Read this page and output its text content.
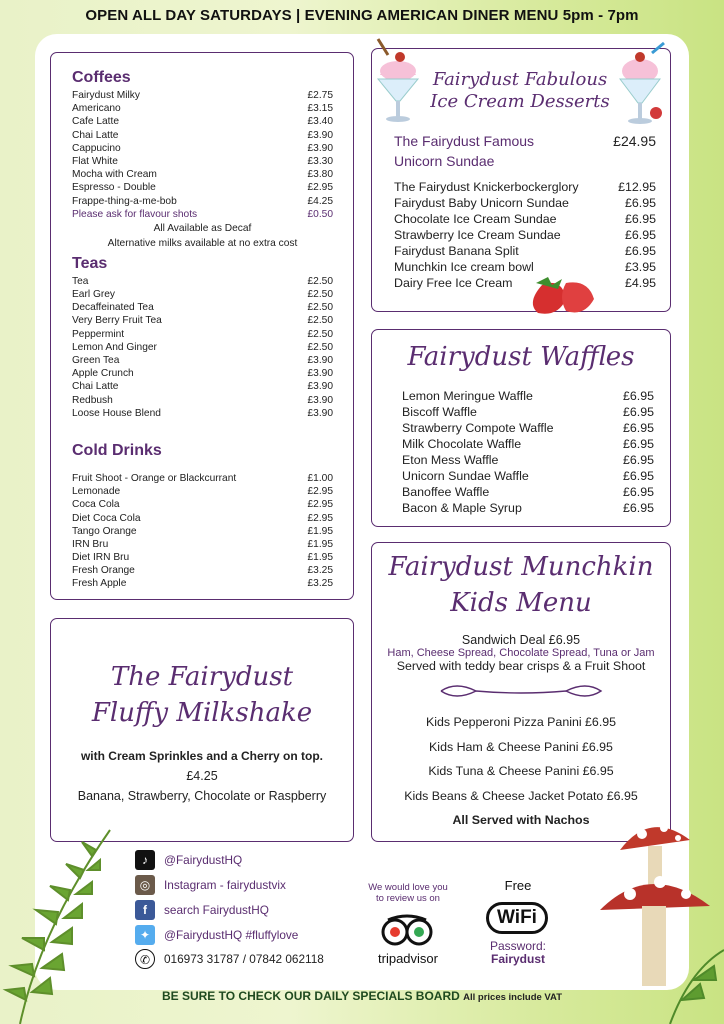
OPEN ALL DAY SATURDAYS | EVENING AMERICAN DINER MENU 5pm - 7pm
Coffees
Fairydust Milky	£2.75
Americano	£3.15
Cafe Latte	£3.40
Chai Latte	£3.90
Cappucino	£3.90
Flat White	£3.30
Mocha with Cream	£3.80
Espresso - Double	£2.95
Frappe-thing-a-me-bob	£4.25
Please ask for flavour shots	£0.50
All Available as Decaf
Alternative milks available at no extra cost
Teas
Tea	£2.50
Earl Grey	£2.50
Decaffeinated Tea	£2.50
Very Berry Fruit Tea	£2.50
Peppermint	£2.50
Lemon And Ginger	£2.50
Green Tea	£3.90
Apple Crunch	£3.90
Chai Latte	£3.90
Redbush	£3.90
Loose House Blend	£3.90
Cold Drinks
Fruit Shoot - Orange or Blackcurrant	£1.00
Lemonade	£2.95
Coca Cola	£2.95
Diet Coca Cola	£2.95
Tango Orange	£1.95
IRN Bru	£1.95
Diet IRN Bru	£1.95
Fresh Orange	£3.25
Fresh Apple	£3.25
The Fairydust
Fluffy Milkshake
with Cream Sprinkles and a Cherry on top.
£4.25
Banana, Strawberry, Chocolate or Raspberry
Fairydust Fabulous
Ice Cream Desserts
The Fairydust Famous	£24.95
Unicorn Sundae
The Fairydust Knickerbockerglory	£12.95
Fairydust Baby Unicorn Sundae	£6.95
Chocolate Ice Cream Sundae	£6.95
Strawberry Ice Cream Sundae	£6.95
Fairydust Banana Split	£6.95
Munchkin Ice cream bowl	£3.95
Dairy Free Ice Cream	£4.95
Fairydust Waffles
Lemon Meringue Waffle	£6.95
Biscoff Waffle	£6.95
Strawberry Compote Waffle	£6.95
Milk Chocolate Waffle	£6.95
Eton Mess Waffle	£6.95
Unicorn Sundae Waffle	£6.95
Banoffee Waffle	£6.95
Bacon & Maple Syrup	£6.95
Fairydust Munchkin
Kids Menu
Sandwich Deal £6.95
Ham, Cheese Spread, Chocolate Spread, Tuna or Jam
Served with teddy bear crisps & a Fruit Shoot
Kids Pepperoni Pizza Panini £6.95
Kids Ham & Cheese Panini £6.95
Kids Tuna & Cheese Panini £6.95
Kids Beans & Cheese Jacket Potato £6.95
All Served with Nachos
♪	@FairydustHQ
◎	Instagram - fairydustvix
f	search FairydustHQ
✦	@FairydustHQ #fluffylove
✆	016973 31787 / 07842 062118
We would love you
to review us on
tripadvisor
Free
WiFi
Password:
Fairydust
BE SURE TO CHECK OUR DAILY SPECIALS BOARD All prices include VAT
